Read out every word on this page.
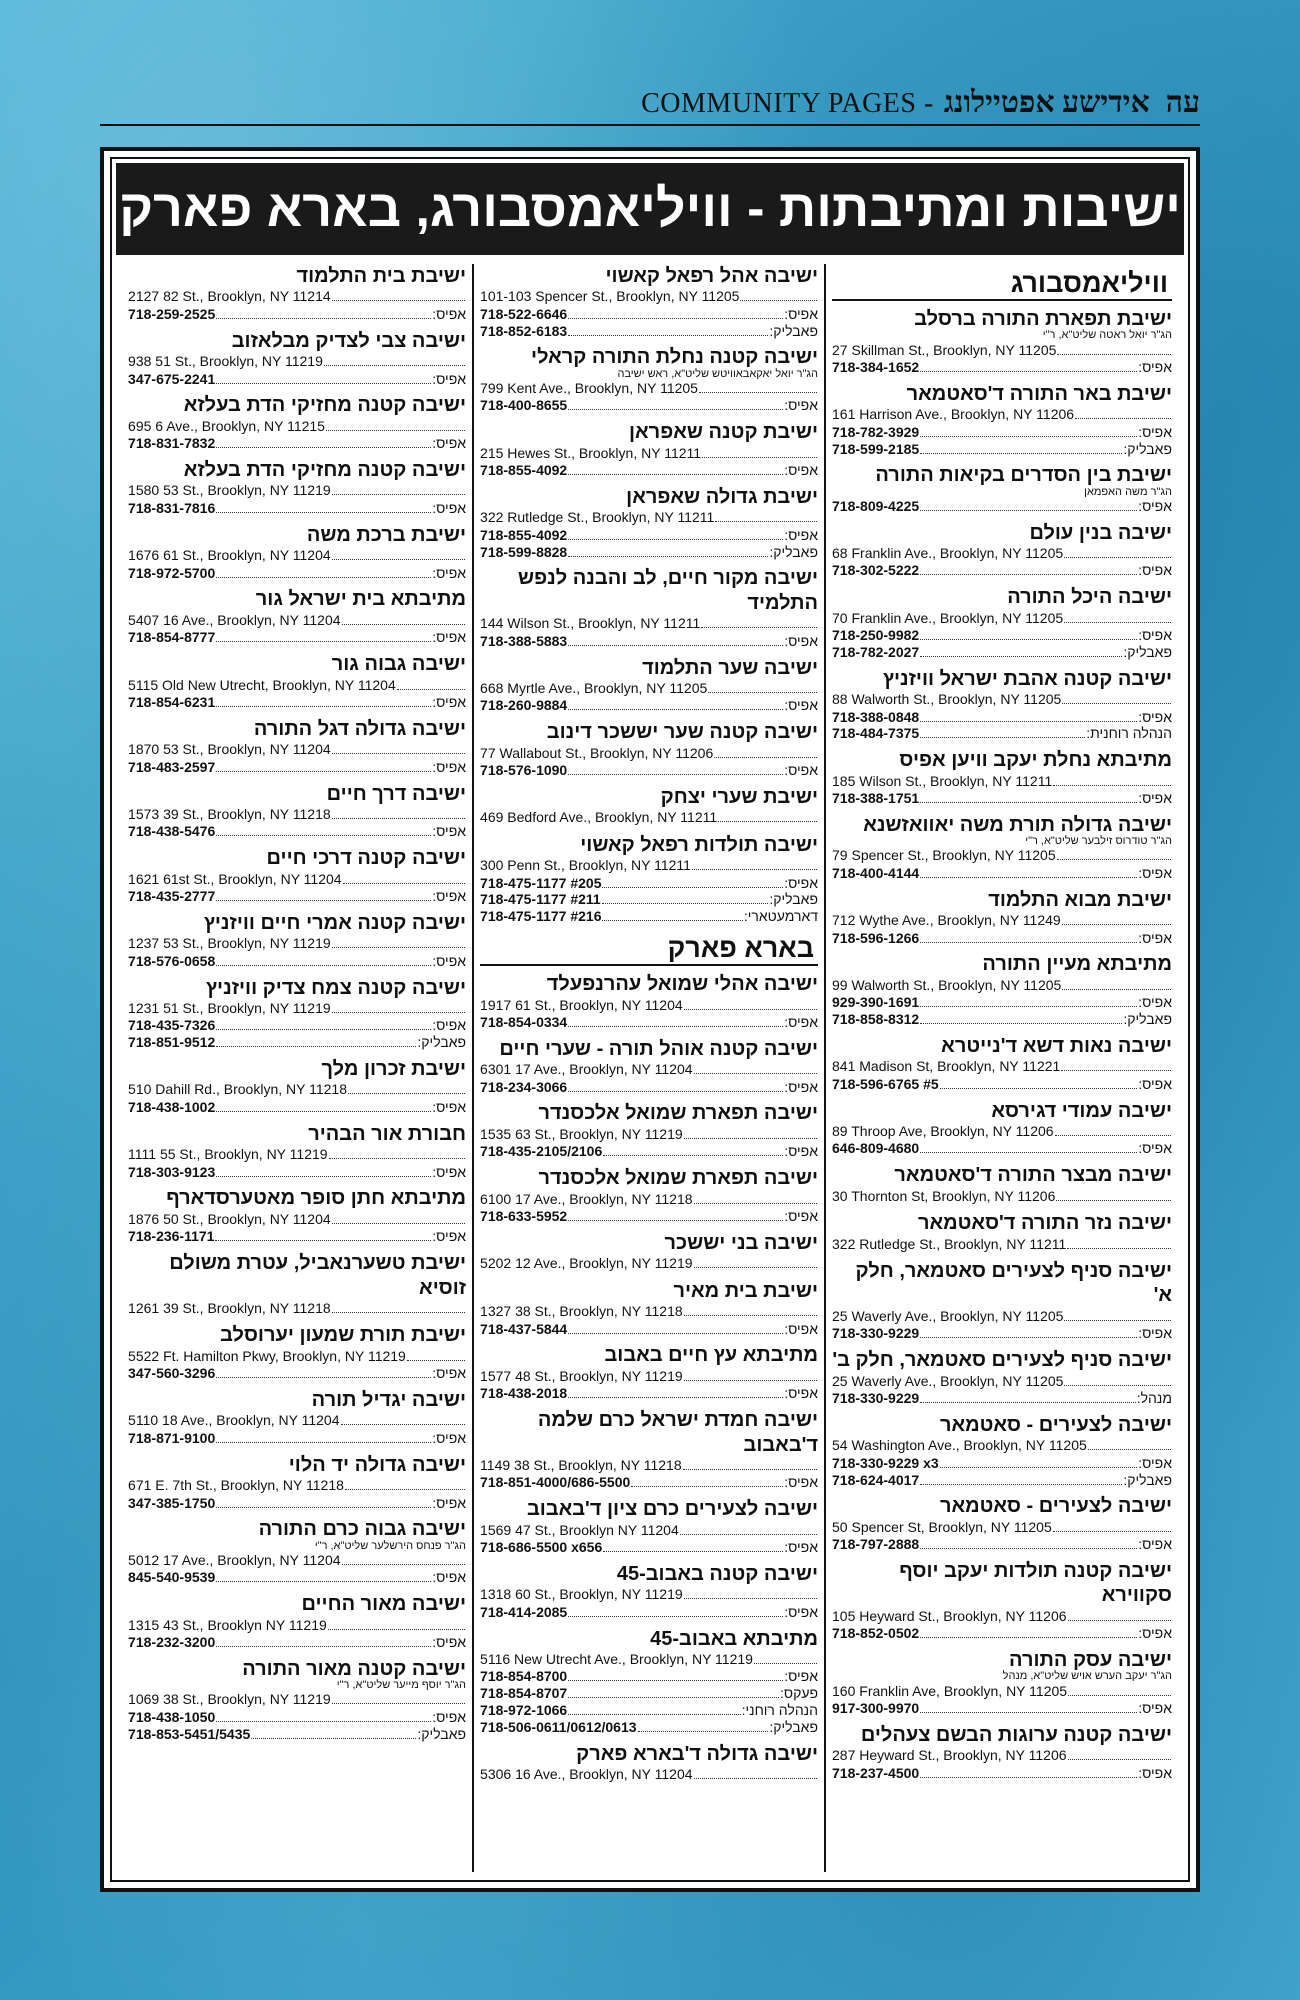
עה
COMMUNITY PAGES - אידישע אפטיילונג
ישיבות ומתיבתות - וויליאמסבורג, בארא פארק
וויליאמסבורג
ישיבת תפארת התורה ברסלב
הג"ר יואל ראטה שליט"א, ר"י
27 Skillman St., Brooklyn, NY 11205
718-384-1652	אפיס:
ישיבת באר התורה ד'סאטמאר
161 Harrison Ave., Brooklyn, NY 11206
718-782-3929	אפיס:
718-599-2185	פאבליק:
ישיבת בין הסדרים בקיאות התורה
הג"ר משה האפמאן
718-809-4225	אפיס:
ישיבה בנין עולם
68 Franklin Ave., Brooklyn, NY 11205
718-302-5222	אפיס:
ישיבה היכל התורה
70 Franklin Ave., Brooklyn, NY 11205
718-250-9982	אפיס:
718-782-2027	פאבליק:
ישיבה קטנה אהבת ישראל וויזניץ
88 Walworth St., Brooklyn, NY 11205
718-388-0848	אפיס:
718-484-7375	הנהלה רוחנית:
מתיבתא נחלת יעקב וויען אפיס
185 Wilson St., Brooklyn, NY 11211
718-388-1751	אפיס:
ישיבה גדולה תורת משה יאוואזשנא
הג"ר טודרוס זילבער שליט"א, ר"י
79 Spencer St., Brooklyn, NY 11205
718-400-4144	אפיס:
ישיבת מבוא התלמוד
712 Wythe Ave., Brooklyn, NY 11249
718-596-1266	אפיס:
מתיבתא מעיין התורה
99 Walworth St., Brooklyn, NY 11205
929-390-1691	אפיס:
718-858-8312	פאבליק:
ישיבה נאות דשא ד'נייטרא
841 Madison St, Brooklyn, NY 11221
718-596-6765 #5	אפיס:
ישיבה עמודי דגירסא
89 Throop Ave, Brooklyn, NY 11206
646-809-4680	אפיס:
ישיבה מבצר התורה ד'סאטמאר
30 Thornton St, Brooklyn, NY 11206
ישיבה נזר התורה ד'סאטמאר
322 Rutledge St., Brooklyn, NY 11211
ישיבה סניף לצעירים סאטמאר, חלק א'
25 Waverly Ave., Brooklyn, NY 11205
718-330-9229	אפיס:
ישיבה סניף לצעירים סאטמאר, חלק ב'
25 Waverly Ave., Brooklyn, NY 11205
718-330-9229	מנהל:
ישיבה לצעירים - סאטמאר
54 Washington Ave., Brooklyn, NY 11205
718-330-9229 x3	אפיס:
718-624-4017	פאבליק:
ישיבה לצעירים - סאטמאר
50 Spencer St, Brooklyn, NY 11205
718-797-2888	אפיס:
ישיבה קטנה תולדות יעקב יוסף סקווירא
105 Heyward St., Brooklyn, NY 11206
718-852-0502	אפיס:
ישיבה עסק התורה
הג"ר יעקב הערש אויש שליט"א, מנהל
160 Franklin Ave, Brooklyn, NY 11205
917-300-9970	אפיס:
ישיבה קטנה ערוגות הבשם צעהלים
287 Heyward St., Brooklyn, NY 11206
718-237-4500	אפיס:
ישיבה אהל רפאל קאשוי
101-103 Spencer St., Brooklyn, NY 11205
718-522-6646	אפיס:
718-852-6183	פאבליק:
ישיבה קטנה נחלת התורה קראלי
הג"ר יואל יאקאבאוויטש שליט"א, ראש ישיבה
799 Kent Ave., Brooklyn, NY 11205
718-400-8655	אפיס:
ישיבת קטנה שאפראן
215 Hewes St., Brooklyn, NY 11211
718-855-4092	אפיס:
ישיבת גדולה שאפראן
322 Rutledge St., Brooklyn, NY 11211
718-855-4092	אפיס:
718-599-8828	פאבליק:
ישיבה מקור חיים, לב והבנה לנפש התלמיד
144 Wilson St., Brooklyn, NY 11211
718-388-5883	אפיס:
ישיבה שער התלמוד
668 Myrtle Ave., Brooklyn, NY 11205
718-260-9884	אפיס:
ישיבה קטנה שער יששכר דינוב
77 Wallabout St., Brooklyn, NY 11206
718-576-1090	אפיס:
ישיבת שערי יצחק
469 Bedford Ave., Brooklyn, NY 11211
ישיבה תולדות רפאל קאשוי
300 Penn St., Brooklyn, NY 11211
718-475-1177 #205	אפיס:
718-475-1177 #211	פאבליק:
718-475-1177 #216	דארמעטארי:
בארא פארק
ישיבה אהלי שמואל עהרנפעלד
1917 61 St., Brooklyn, NY 11204
718-854-0334	אפיס:
ישיבה קטנה אוהל תורה - שערי חיים
6301 17 Ave., Brooklyn, NY 11204
718-234-3066	אפיס:
ישיבה תפארת שמואל אלכסנדר
1535 63 St., Brooklyn, NY 11219
718-435-2105/2106	אפיס:
ישיבה תפארת שמואל אלכסנדר
6100 17 Ave., Brooklyn, NY 11218
718-633-5952	אפיס:
ישיבה בני יששכר
5202 12 Ave., Brooklyn, NY 11219
ישיבת בית מאיר
1327 38 St., Brooklyn, NY 11218
718-437-5844	אפיס:
מתיבתא עץ חיים באבוב
1577 48 St., Brooklyn, NY 11219
718-438-2018	אפיס:
ישיבה חמדת ישראל כרם שלמה ד'באבוב
1149 38 St., Brooklyn, NY 11218
718-851-4000/686-5500	אפיס:
ישיבה לצעירים כרם ציון ד'באבוב
1569 47 St., Brooklyn NY 11204
718-686-5500 x656	אפיס:
ישיבה קטנה באבוב-45
1318 60 St., Brooklyn, NY 11219
718-414-2085	אפיס:
מתיבתא באבוב-45
5116 New Utrecht Ave., Brooklyn, NY 11219
718-854-8700	אפיס:
718-854-8707	פעקס:
718-972-1066	הנהלה רוחני:
718-506-0611/0612/0613	פאבליק:
ישיבה גדולה ד'בארא פארק
5306 16 Ave., Brooklyn, NY 11204
ישיבת בית התלמוד
2127 82 St., Brooklyn, NY 11214
718-259-2525	אפיס:
ישיבה צבי לצדיק מבלאזוב
938 51 St., Brooklyn, NY 11219
347-675-2241	אפיס:
ישיבה קטנה מחזיקי הדת בעלזא
695 6 Ave., Brooklyn, NY 11215
718-831-7832	אפיס:
ישיבה קטנה מחזיקי הדת בעלזא
1580 53 St., Brooklyn, NY 11219
718-831-7816	אפיס:
ישיבת ברכת משה
1676 61 St., Brooklyn, NY 11204
718-972-5700	אפיס:
מתיבתא בית ישראל גור
5407 16 Ave., Brooklyn, NY 11204
718-854-8777	אפיס:
ישיבה גבוה גור
5115 Old New Utrecht, Brooklyn, NY 11204
718-854-6231	אפיס:
ישיבה גדולה דגל התורה
1870 53 St., Brooklyn, NY 11204
718-483-2597	אפיס:
ישיבה דרך חיים
1573 39 St., Brooklyn, NY 11218
718-438-5476	אפיס:
ישיבה קטנה דרכי חיים
1621 61st St., Brooklyn, NY 11204
718-435-2777	אפיס:
ישיבה קטנה אמרי חיים וויזניץ
1237 53 St., Brooklyn, NY 11219
718-576-0658	אפיס:
ישיבה קטנה צמח צדיק וויזניץ
1231 51 St., Brooklyn, NY 11219
718-435-7326	אפיס:
718-851-9512	פאבליק:
ישיבת זכרון מלך
510 Dahill Rd., Brooklyn, NY 11218
718-438-1002	אפיס:
חבורת אור הבהיר
1111 55 St., Brooklyn, NY 11219
718-303-9123	אפיס:
מתיבתא חתן סופר מאטערסדארף
1876 50 St., Brooklyn, NY 11204
718-236-1171	אפיס:
ישיבת טשערנאביל, עטרת משולם זוסיא
1261 39 St., Brooklyn, NY 11218
ישיבת תורת שמעון יערוסלב
5522 Ft. Hamilton Pkwy, Brooklyn, NY 11219
347-560-3296	אפיס:
ישיבה יגדיל תורה
5110 18 Ave., Brooklyn, NY 11204
718-871-9100	אפיס:
ישיבה גדולה יד הלוי
671 E. 7th St., Brooklyn, NY 11218
347-385-1750	אפיס:
ישיבה גבוה כרם התורה
הג"ר פנחס הירשלער שליט"א, ר"י
5012 17 Ave., Brooklyn, NY 11204
845-540-9539	אפיס:
ישיבה מאור החיים
1315 43 St., Brooklyn NY 11219
718-232-3200	אפיס:
ישיבה קטנה מאור התורה
הג"ר יוסף מייער שליט"א, ר"י
1069 38 St., Brooklyn, NY 11219
718-438-1050	אפיס:
718-853-5451/5435	פאבליק:
